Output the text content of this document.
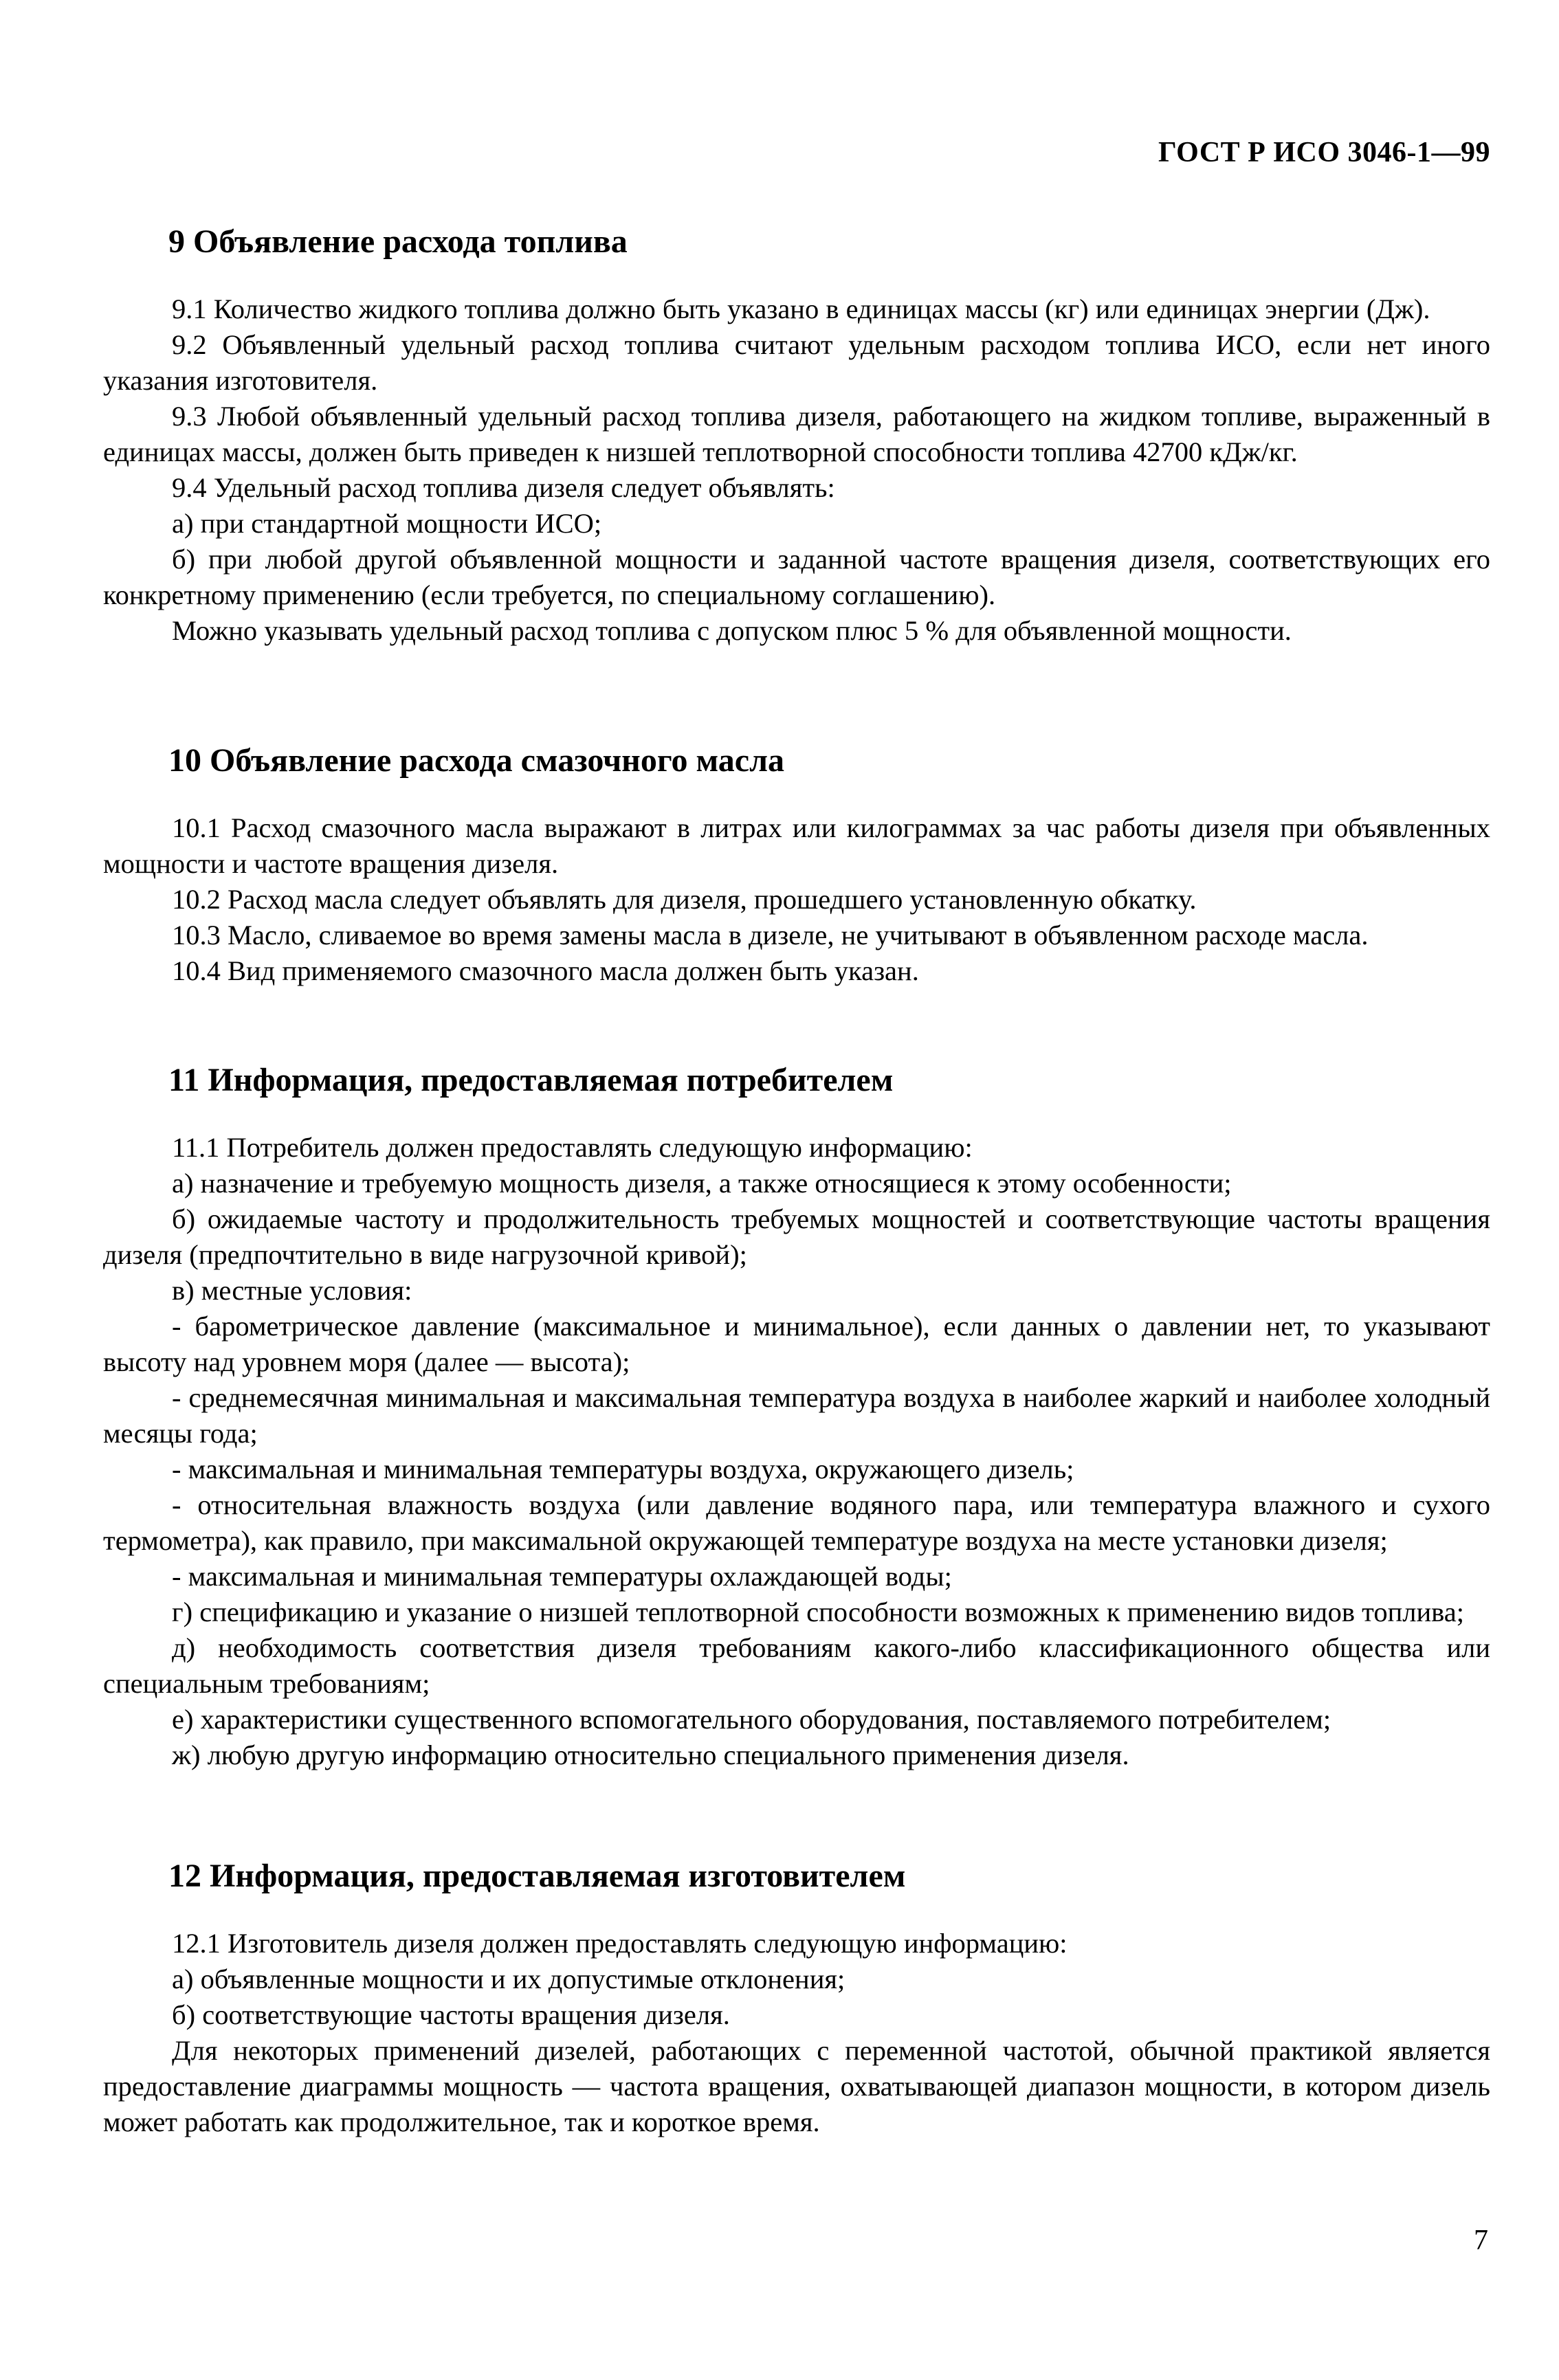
ГОСТ Р ИСО 3046-1—99
9 Объявление расхода топлива

9.1 Количество жидкого топлива должно быть указано в единицах массы (кг) или единицах энергии (Дж).

9.2 Объявленный удельный расход топлива считают удельным расходом топлива ИСО, если нет иного указания изготовителя.

9.3 Любой объявленный удельный расход топлива дизеля, работающего на жидком топливе, выраженный в единицах массы, должен быть приведен к низшей теплотворной способности топлива 42700 кДж/кг.

9.4 Удельный расход топлива дизеля следует объявлять:

а) при стандартной мощности ИСО;

б) при любой другой объявленной мощности и заданной частоте вращения дизеля, соответствующих его конкретному применению (если требуется, по специальному соглашению).

Можно указывать удельный расход топлива с допуском плюс 5 % для объявленной мощности.

10 Объявление расхода смазочного масла

10.1 Расход смазочного масла выражают в литрах или килограммах за час работы дизеля при объявленных мощности и частоте вращения дизеля.

10.2 Расход масла следует объявлять для дизеля, прошедшего установленную обкатку.

10.3 Масло, сливаемое во время замены масла в дизеле, не учитывают в объявленном расходе масла.

10.4 Вид применяемого смазочного масла должен быть указан.

11 Информация, предоставляемая потребителем

11.1 Потребитель должен предоставлять следующую информацию:

а) назначение и требуемую мощность дизеля, а также относящиеся к этому особенности;

б) ожидаемые частоту и продолжительность требуемых мощностей и соответствующие частоты вращения дизеля (предпочтительно в виде нагрузочной кривой);

в) местные условия:

- барометрическое давление (максимальное и минимальное), если данных о давлении нет, то указывают высоту над уровнем моря (далее — высота);

- среднемесячная минимальная и максимальная температура воздуха в наиболее жаркий и наиболее холодный месяцы года;

- максимальная и минимальная температуры воздуха, окружающего дизель;

- относительная влажность воздуха (или давление водяного пара, или температура влажного и сухого термометра), как правило, при максимальной окружающей температуре воздуха на месте установки дизеля;

- максимальная и минимальная температуры охлаждающей воды;

г) спецификацию и указание о низшей теплотворной способности возможных к применению видов топлива;

д) необходимость соответствия дизеля требованиям какого-либо классификационного общества или специальным требованиям;

е) характеристики существенного вспомогательного оборудования, поставляемого потребителем;

ж) любую другую информацию относительно специального применения дизеля.

12 Информация, предоставляемая изготовителем

12.1 Изготовитель дизеля должен предоставлять следующую информацию:

а) объявленные мощности и их допустимые отклонения;

б) соответствующие частоты вращения дизеля.

Для некоторых применений дизелей, работающих с переменной частотой, обычной практикой является предоставление диаграммы мощность — частота вращения, охватывающей диапазон мощности, в котором дизель может работать как продолжительное, так и короткое время.

7
